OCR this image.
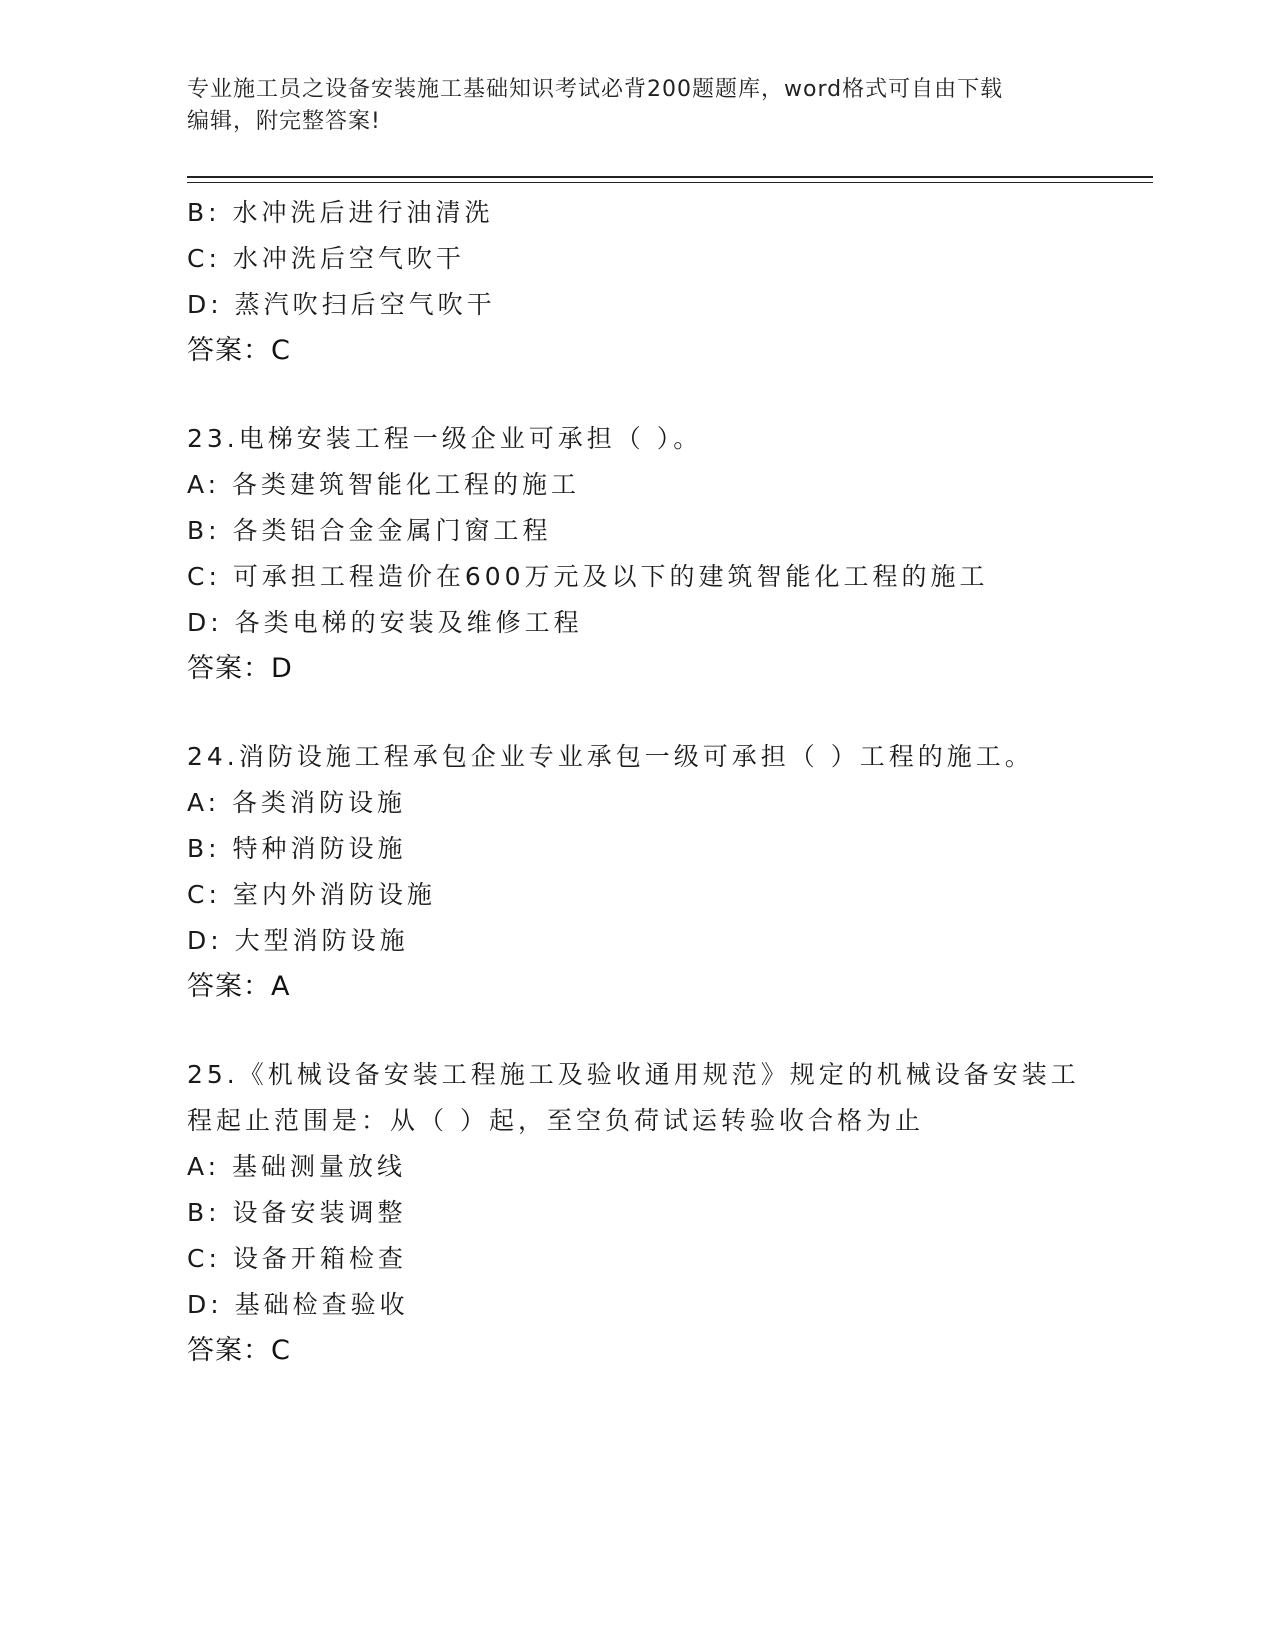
专业施工员之设备安装施工基础知识考试必背200题题库，word格式可自由下载
编辑，附完整答案!
B: 水冲洗后进行油清洗
C: 水冲洗后空气吹干
D: 蒸汽吹扫后空气吹干
答案：C
23.电梯安装工程一级企业可承担（ ）。
A: 各类建筑智能化工程的施工
B: 各类铝合金金属门窗工程
C: 可承担工程造价在600万元及以下的建筑智能化工程的施工
D: 各类电梯的安装及维修工程
答案：D
24.消防设施工程承包企业专业承包一级可承担（ ）工程的施工。
A: 各类消防设施
B: 特种消防设施
C: 室内外消防设施
D: 大型消防设施
答案：A
25.《机械设备安装工程施工及验收通用规范》规定的机械设备安装工
程起止范围是：从（ ）起，至空负荷试运转验收合格为止
A: 基础测量放线
B: 设备安装调整
C: 设备开箱检查
D: 基础检查验收
答案：C
